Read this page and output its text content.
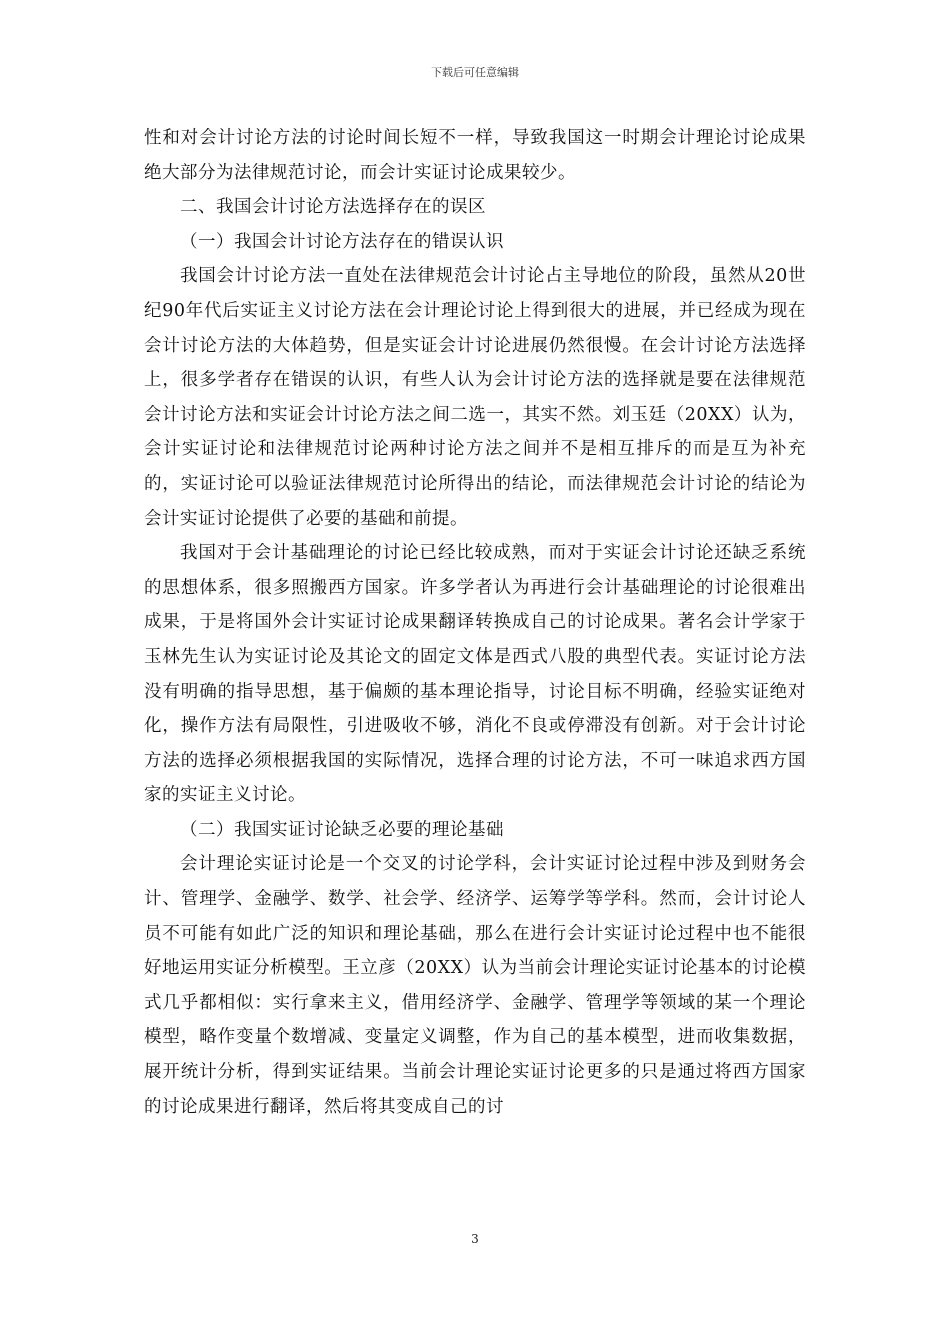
下载后可任意编辑

性和对会计讨论方法的讨论时间长短不一样，导致我国这一时期会计理论讨论成果绝大部分为法律规范讨论，而会计实证讨论成果较少。

二、我国会计讨论方法选择存在的误区

（一）我国会计讨论方法存在的错误认识

我国会计讨论方法一直处在法律规范会计讨论占主导地位的阶段，虽然从20世纪90年代后实证主义讨论方法在会计理论讨论上得到很大的进展，并已经成为现在会计讨论方法的大体趋势，但是实证会计讨论进展仍然很慢。在会计讨论方法选择上，很多学者存在错误的认识，有些人认为会计讨论方法的选择就是要在法律规范会计讨论方法和实证会计讨论方法之间二选一，其实不然。刘玉廷（20XX）认为，会计实证讨论和法律规范讨论两种讨论方法之间并不是相互排斥的而是互为补充的，实证讨论可以验证法律规范讨论所得出的结论，而法律规范会计讨论的结论为会计实证讨论提供了必要的基础和前提。

我国对于会计基础理论的讨论已经比较成熟，而对于实证会计讨论还缺乏系统的思想体系，很多照搬西方国家。许多学者认为再进行会计基础理论的讨论很难出成果，于是将国外会计实证讨论成果翻译转换成自己的讨论成果。著名会计学家于玉林先生认为实证讨论及其论文的固定文体是西式八股的典型代表。实证讨论方法没有明确的指导思想，基于偏颇的基本理论指导，讨论目标不明确，经验实证绝对化，操作方法有局限性，引进吸收不够，消化不良或停滞没有创新。对于会计讨论方法的选择必须根据我国的实际情况，选择合理的讨论方法，不可一味追求西方国家的实证主义讨论。

（二）我国实证讨论缺乏必要的理论基础

会计理论实证讨论是一个交叉的讨论学科，会计实证讨论过程中涉及到财务会计、管理学、金融学、数学、社会学、经济学、运筹学等学科。然而，会计讨论人员不可能有如此广泛的知识和理论基础，那么在进行会计实证讨论过程中也不能很好地运用实证分析模型。王立彦（20XX）认为当前会计理论实证讨论基本的讨论模式几乎都相似：实行拿来主义，借用经济学、金融学、管理学等领域的某一个理论模型，略作变量个数增减、变量定义调整，作为自己的基本模型，进而收集数据，展开统计分析，得到实证结果。当前会计理论实证讨论更多的只是通过将西方国家的讨论成果进行翻译，然后将其变成自己的讨

3
